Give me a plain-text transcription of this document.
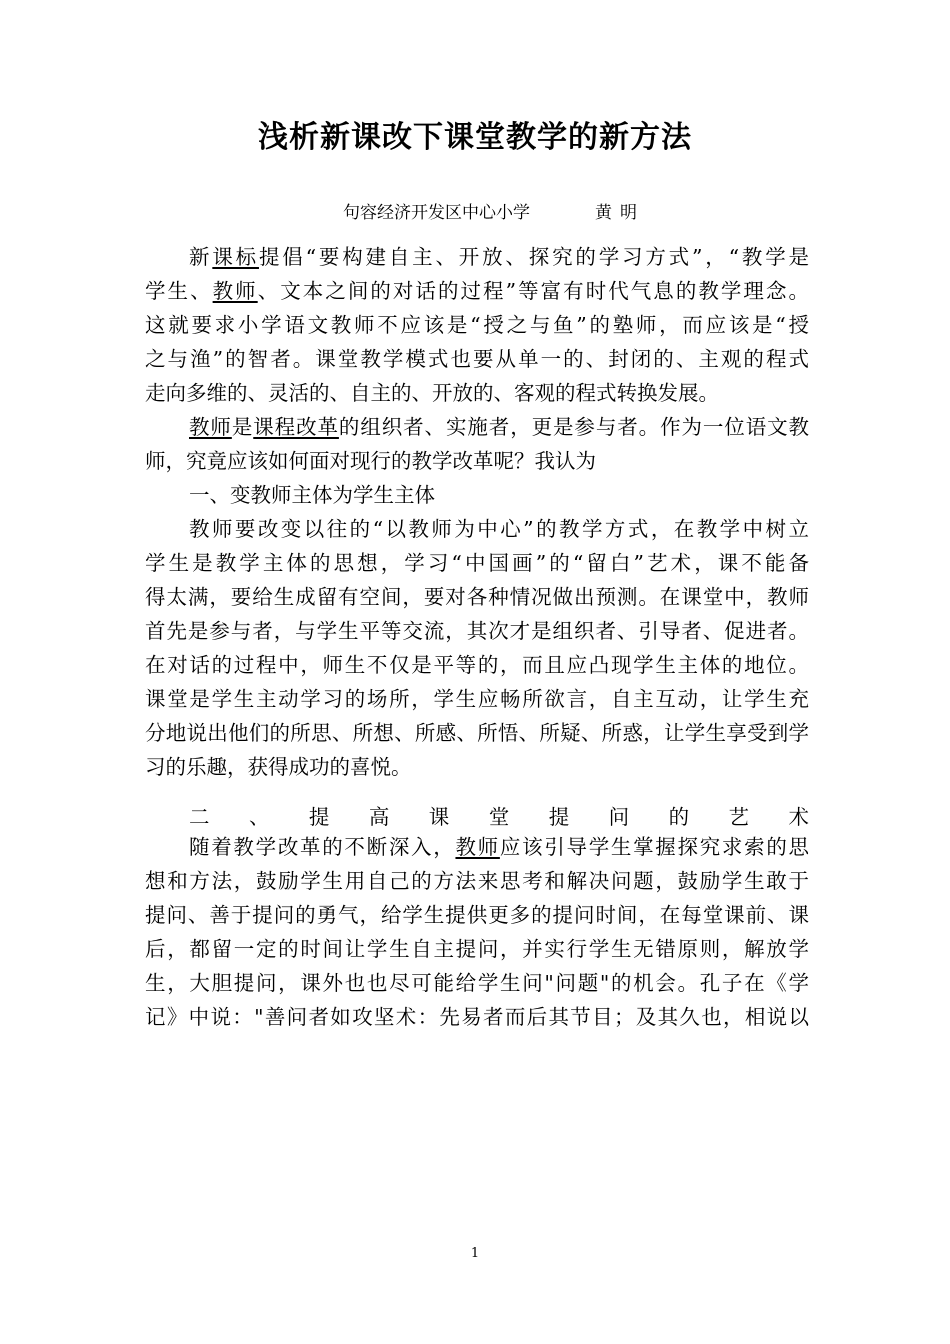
浅析新课改下课堂教学的新方法
句容经济开发区中心小学	黄明
新课标提倡“要构建自主、开放、探究的学习方式”，“教学是
学生、教师、文本之间的对话的过程”等富有时代气息的教学理念。
这就要求小学语文教师不应该是“授之与鱼”的塾师，而应该是“授
之与渔”的智者。课堂教学模式也要从单一的、封闭的、主观的程式
走向多维的、灵活的、自主的、开放的、客观的程式转换发展。
教师是课程改革的组织者、实施者，更是参与者。作为一位语文教
师，究竟应该如何面对现行的教学改革呢？我认为
一、变教师主体为学生主体
教师要改变以往的“以教师为中心”的教学方式，在教学中树立
学生是教学主体的思想，学习“中国画”的“留白”艺术，课不能备
得太满，要给生成留有空间，要对各种情况做出预测。在课堂中，教师
首先是参与者，与学生平等交流，其次才是组织者、引导者、促进者。
在对话的过程中，师生不仅是平等的，而且应凸现学生主体的地位。
课堂是学生主动学习的场所，学生应畅所欲言，自主互动，让学生充
分地说出他们的所思、所想、所感、所悟、所疑、所惑，让学生享受到学
习的乐趣，获得成功的喜悦。
二、提高课堂提问的艺术
随着教学改革的不断深入，教师应该引导学生掌握探究求索的思
想和方法，鼓励学生用自己的方法来思考和解决问题，鼓励学生敢于
提问、善于提问的勇气，给学生提供更多的提问时间，在每堂课前、课
后，都留一定的时间让学生自主提问，并实行学生无错原则，解放学
生，大胆提问，课外也也尽可能给学生问"问题"的机会。孔子在《学
记》中说："善问者如攻坚术：先易者而后其节目；及其久也，相说以
1
